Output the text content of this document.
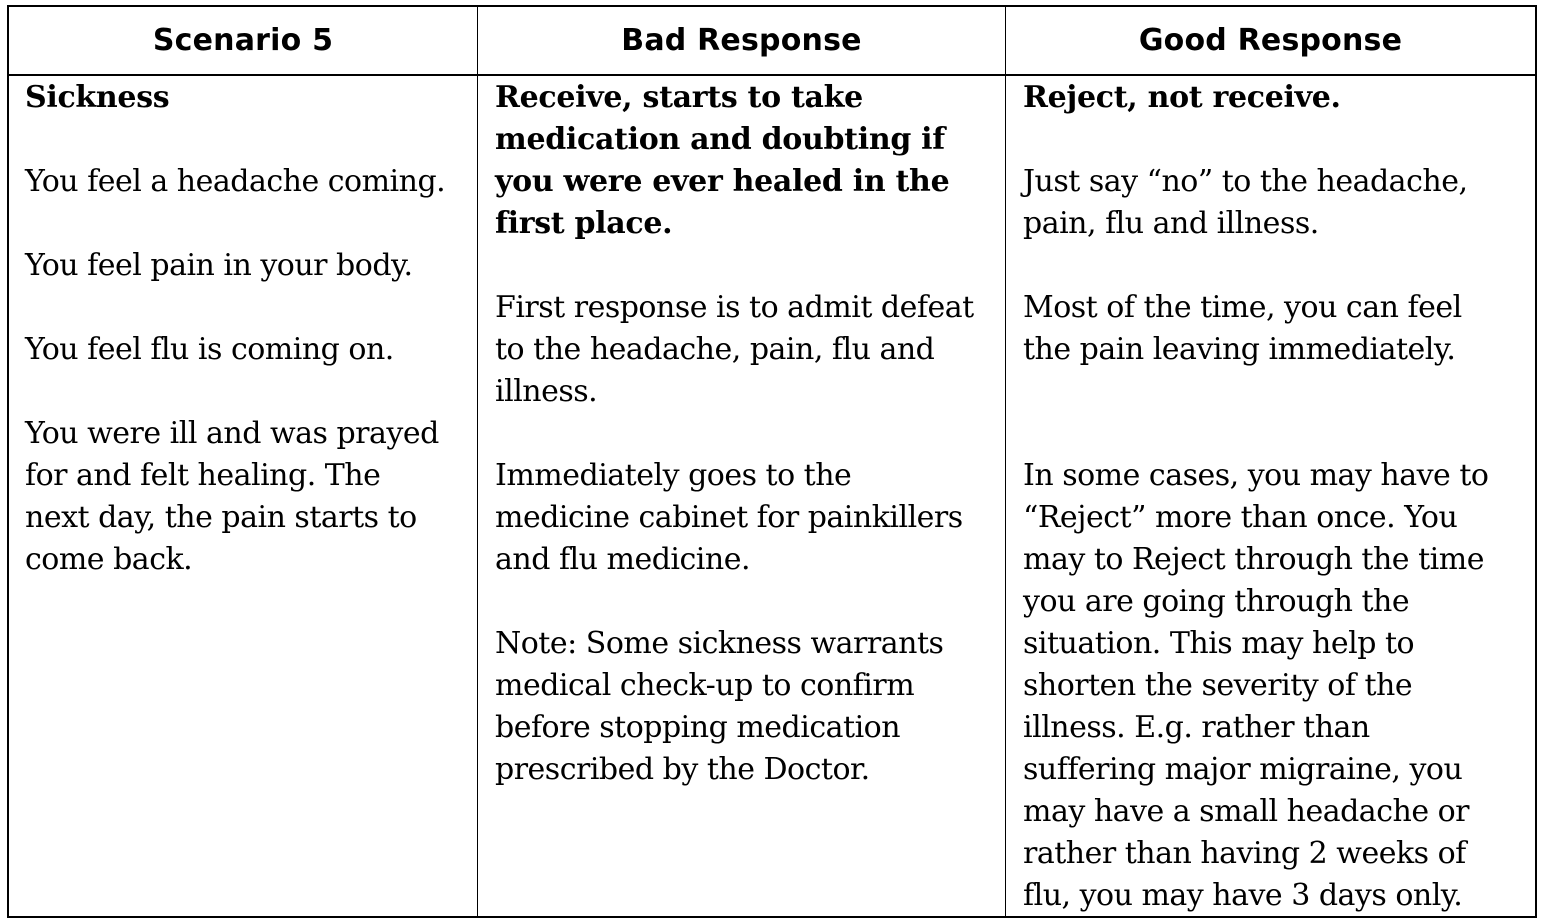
Scenario 5	Bad Response	Good Response

Sickness

You feel a headache coming.

You feel pain in your body.

You feel flu is coming on.

You were ill and was prayed
for and felt healing. The
next day, the pain starts to
come back.

Receive, starts to take
medication and doubting if
you were ever healed in the
first place.

First response is to admit defeat
to the headache, pain, flu and
illness.

Immediately goes to the
medicine cabinet for painkillers
and flu medicine.

Note: Some sickness warrants
medical check-up to confirm
before stopping medication
prescribed by the Doctor.

Reject, not receive.

Just say “no” to the headache,
pain, flu and illness.

Most of the time, you can feel
the pain leaving immediately.

In some cases, you may have to
“Reject” more than once. You
may to Reject through the time
you are going through the
situation. This may help to
shorten the severity of the
illness. E.g. rather than
suffering major migraine, you
may have a small headache or
rather than having 2 weeks of
flu, you may have 3 days only.
